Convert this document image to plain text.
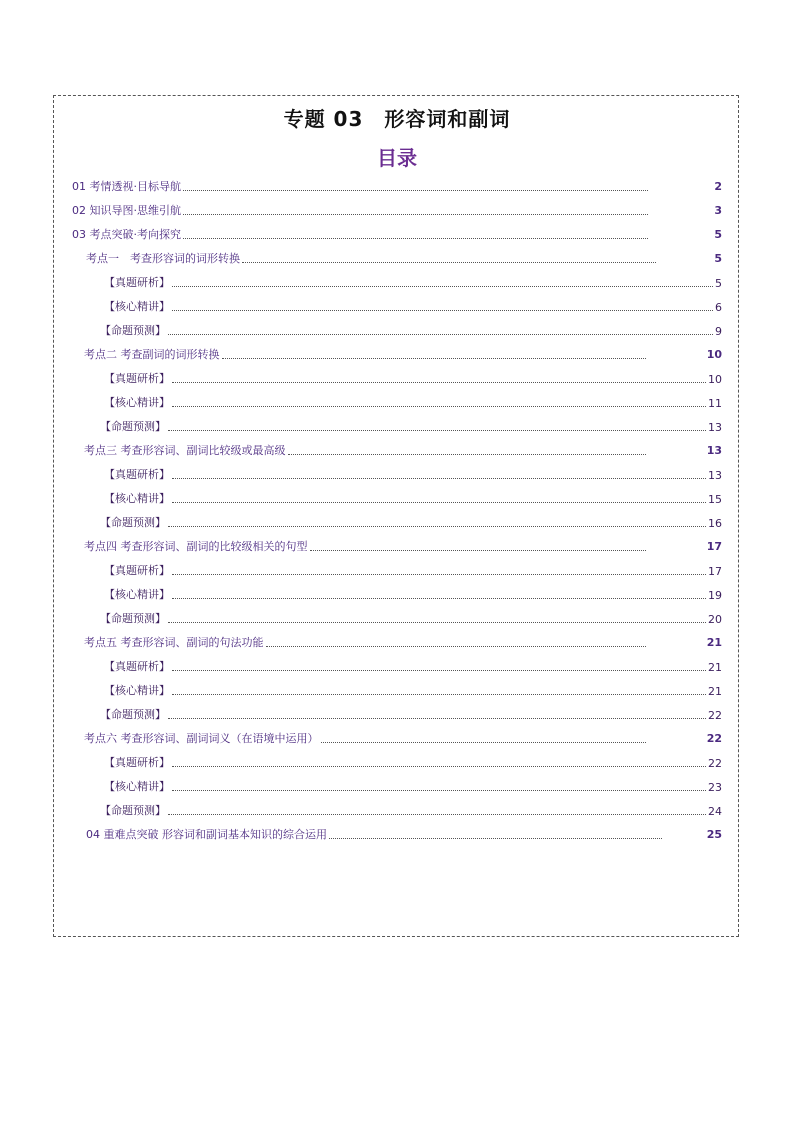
专题 03　形容词和副词
目录
01 考情透视·目标导航	2
02 知识导图·思维引航	3
03 考点突破·考向探究	5
考点一　考查形容词的词形转换	5
【真题研析】	5
【核心精讲】	6
【命题预测】	9
考点二 考查副词的词形转换	10
【真题研析】	10
【核心精讲】	11
【命题预测】	13
考点三 考查形容词、副词比较级或最高级	13
【真题研析】	13
【核心精讲】	15
【命题预测】	16
考点四 考查形容词、副词的比较级相关的句型	17
【真题研析】	17
【核心精讲】	19
【命题预测】	20
考点五 考查形容词、副词的句法功能	21
【真题研析】	21
【核心精讲】	21
【命题预测】	22
考点六 考查形容词、副词词义（在语境中运用）	22
【真题研析】	22
【核心精讲】	23
【命题预测】	24
04 重难点突破 形容词和副词基本知识的综合运用	25
